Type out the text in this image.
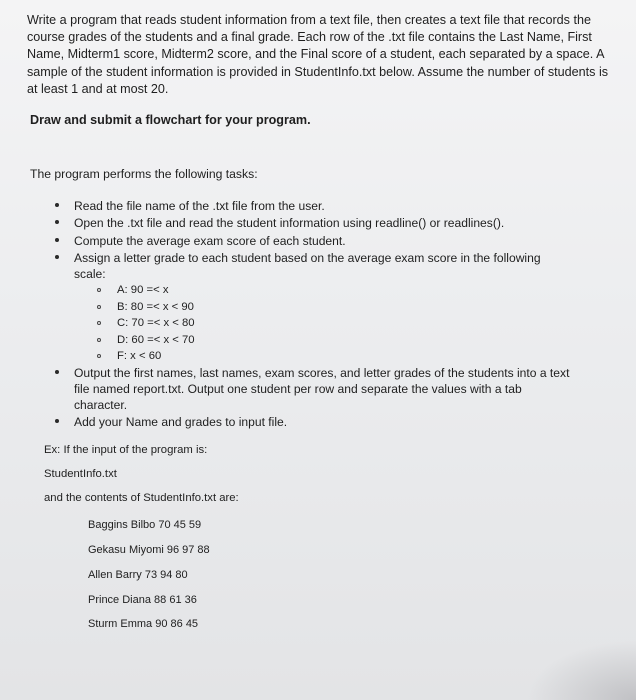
Write a program that reads student information from a text file, then creates a text file that records the course grades of the students and a final grade. Each row of the .txt file contains the Last Name, First Name, Midterm1 score, Midterm2 score, and the Final score of a student, each separated by a space. A sample of the student information is provided in StudentInfo.txt below. Assume the number of students is at least 1 and at most 20.
Draw and submit a flowchart for your program.
The program performs the following tasks:
Read the file name of the .txt file from the user.
Open the .txt file and read the student information using readline() or readlines().
Compute the average exam score of each student.
Assign a letter grade to each student based on the average exam score in the following scale:
A: 90 =< x
B: 80 =< x < 90
C: 70 =< x < 80
D: 60 =< x < 70
F: x < 60
Output the first names, last names, exam scores, and letter grades of the students into a text file named report.txt. Output one student per row and separate the values with a tab character.
Add your Name and grades to input file.
Ex: If the input of the program is:
StudentInfo.txt
and the contents of StudentInfo.txt are:
Baggins Bilbo 70 45 59
Gekasu Miyomi 96 97 88
Allen Barry 73 94 80
Prince Diana 88 61 36
Sturm Emma 90 86 45
